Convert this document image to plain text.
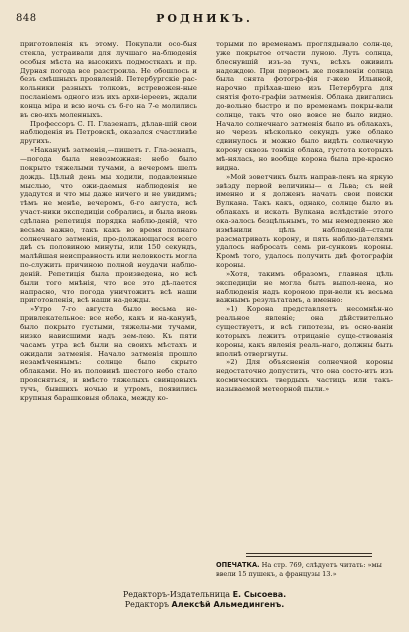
848	РОДНИКЪ.

приготовленія къ этому. Покупали осо-быя стекла, устраивали для лучшаго на-блюденія особыя мѣста на высокихъ подмосткахъ и пр. Дурная погода все разстроила. Не обошлось и безъ смѣшныхъ проявленій. Петербургскіе рас-кольники разныхъ толковъ, встревожен-ные посланіемъ одного изъ ихъ архи-іереевъ, ждали конца міра и всю ночь съ 6-го на 7-е молились въ сво-ихъ моленныхъ.

Профессоръ С. П. Глазенапъ, дѣлав-шій свои наблюденія въ Петровскѣ, оказался счастливѣе другихъ.

«Наканунѣ затменія,—пишетъ г. Гла-зенапъ,—погода была невозможная: небо было покрыто тяжелыми тучами, а вечеромъ шелъ дождь. Цѣлый день мы ходили, подавленные мыслью, что ожи-даемыя наблюденія не удадутся и что мы даже ничего и не увидимъ; тѣмъ не менѣе, вечеромъ, 6-го августа, всѣ участ-ники экспедиціи собрались, и была вновь сдѣлана репетиція порядка наблю-деній, что весьма важно, такъ какъ во время полнаго солнечнаго затменія, про-должающагося всего двѣ съ половиною минуты, или 150 секундъ, малѣйшая неисправность или неловкость могла по-служить причиною полной неудачи наблю-деній. Репетиція была произведена, но всѣ были того мнѣнія, что все это дѣ-лается напрасно, что погода уничтожитъ всѣ наши приготовленія, всѣ наши на-дежды.

»Утро 7-го августа было весьма не-привлекательное: все небо, какъ и на-канунѣ, было покрыто густыми, тяжелы-ми тучами, низко нависшими надъ зем-лею. Къ пяти часамъ утра всѣ были на своихъ мѣстахъ и ожидали затменія. Начало затменія прошло незамѣченнымъ: солнце было скрыто облаками. Но въ половинѣ шестого небо стало проясняться, и вмѣсто тяжелыхъ свинцовыхъ тучъ, бывшихъ ночью и утромъ, появились крупныя барашковыя облака, между ко-

торыми по временамъ проглядывало солн-це, уже покрытое отчасти луною. Луть солнца, блеснувшій изъ-за тучъ, всѣхъ оживилъ надеждою. При первомъ же появленіи солнца была снята фотогра-фія г-жею Ильиной, нарочно пріѣхав-шею изъ Петербурга для снятія фото-графіи затменія. Облака двигались до-вольно быстро и по временамъ покры-вали солнце, такъ что оно вовсе не было видно. Начало солнечнаго затменія было въ облакахъ, но черезъ нѣсколько секундъ уже облако сдвинулось и можно было видѣть солнечную корону сквозь тонкія облака, густота которыхъ мѣ-нялась, но вообще корона была пре-красно видна.

»Мой зоветчикъ былъ направ-ленъ на яркую звѣзду первой величины— α Льва; съ ней именно и я долженъ начать свои поиски Вулкана. Такъ какъ, однако, солнце было въ облакахъ и искать Вулкана вслѣдствіе этого ока-залось безцѣльнымъ, то мы немедленно же измѣнили цѣль наблюденій—стали разсматривать корону, и пять наблю-дателямъ удалось набросать семь ри-сунковъ короны. Кромѣ того, удалось получить двѣ фотографіи короны.

»Хотя, такимъ образомъ, главная цѣль экспедиціи не могла быть выпол-нена, но наблюденія надъ короною при-вели къ весьма важнымъ результатамъ, а именно:

»1) Корона представляетъ несомнѣн-но реальное явленіе; она дѣйствительно существуетъ, и всѣ гипотезы, въ осно-ваніи которыхъ лежитъ отрицаніе суще-ствованія короны, какъ явленія реаль-наго, должны быть вполнѣ отвергнуты.

»2) Для объясненія солнечной короны недостаточно допустить, что она состо-итъ изъ космическихъ твердыхъ частицъ или такъ-называемой метеорной пыли.»

ОПЕЧАТКА. На стр. 769, слѣдуетъ читать: »мы ввели 15 пушекъ, а французы 13.»
Редакторъ-Издательница Е. Сысоева.
Редакторъ Алексѣй Альмедингенъ.
